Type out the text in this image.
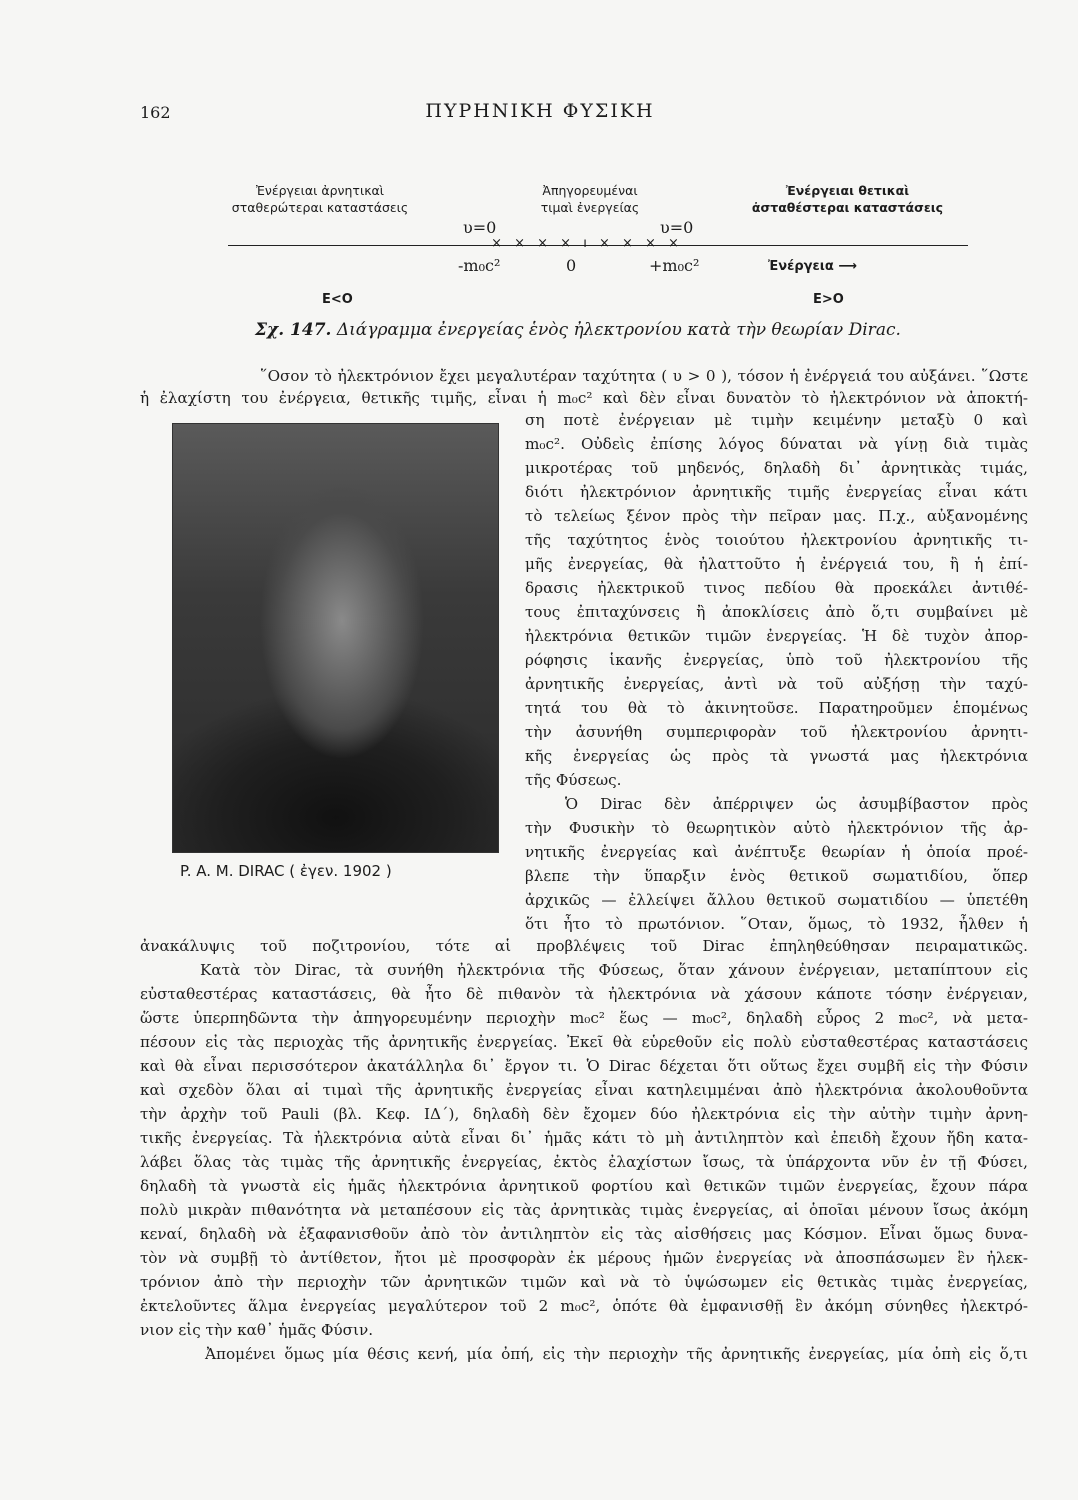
162	ΠΥΡΗΝΙΚΗ ΦΥΣΙΚΗ
Ἐνέργειαι ἀρνητικαὶ
σταθερώτεραι καταστάσεις
Ἀπηγορευμέναι
τιμαὶ ἐνεργείας
Ἐνέργειαι θετικαὶ
ἀσταθέστεραι καταστάσεις
υ=0	υ=0
× × × × ı × × × ×
-m₀c²	0	+m₀c²	Ἐνέργεια ⟶
E<O	E>O
Σχ. 147. Διάγραμμα ἐνεργείας ἑνὸς ἠλεκτρονίου κατὰ τὴν θεωρίαν Dirac.
P. A. M. DIRAC ( ἐγεν. 1902 )
῞Οσον τὸ ἠλεκτρόνιον ἔχει μεγαλυτέραν ταχύτητα ( υ > 0 ), τόσον ἡ ἐνέργειά του αὐξάνει. ῞Ωστε
ἡ ἐλαχίστη του ἐνέργεια, θετικῆς τιμῆς, εἶναι ἡ m₀c² καὶ δὲν εἶναι δυνατὸν τὸ ἠλεκτρόνιον νὰ ἀποκτή-
ση ποτὲ ἐνέργειαν μὲ τιμὴν κειμένην μεταξὺ 0 καὶ
m₀c². Οὐδεὶς ἐπίσης λόγος δύναται νὰ γίνῃ διὰ τιμὰς
μικροτέρας τοῦ μηδενός, δηλαδὴ δι᾽ ἀρνητικὰς τιμάς,
διότι ἠλεκτρόνιον ἀρνητικῆς τιμῆς ἐνεργείας εἶναι κάτι
τὸ τελείως ξένον πρὸς τὴν πεῖραν μας. Π.χ., αὐξανομένης
τῆς ταχύτητος ἑνὸς τοιούτου ἠλεκτρονίου ἀρνητικῆς τι-
μῆς ἐνεργείας, θὰ ἠλαττοῦτο ἡ ἐνέργειά του, ἢ ἡ ἐπί-
δρασις ἠλεκτρικοῦ τινος πεδίου θὰ προεκάλει ἀντιθέ-
τους ἐπιταχύνσεις ἢ ἀποκλίσεις ἀπὸ ὅ,τι συμβαίνει μὲ
ἠλεκτρόνια θετικῶν τιμῶν ἐνεργείας. Ἡ δὲ τυχὸν ἀπορ-
ρόφησις ἱκανῆς ἐνεργείας, ὑπὸ τοῦ ἠλεκτρονίου τῆς
ἀρνητικῆς ἐνεργείας, ἀντὶ νὰ τοῦ αὐξήσῃ τὴν ταχύ-
τητά του θὰ τὸ ἀκινητοῦσε. Παρατηροῦμεν ἑπομένως
τὴν ἀσυνήθη συμπεριφορὰν τοῦ ἠλεκτρονίου ἀρνητι-
κῆς ἐνεργείας ὡς πρὸς τὰ γνωστά μας ἠλεκτρόνια
τῆς Φύσεως.
Ὁ Dirac δὲν ἀπέρριψεν ὡς ἀσυμβίβαστον πρὸς
τὴν Φυσικὴν τὸ θεωρητικὸν αὐτὸ ἠλεκτρόνιον τῆς ἀρ-
νητικῆς ἐνεργείας καὶ ἀνέπτυξε θεωρίαν ἡ ὁποία προέ-
βλεπε τὴν ὕπαρξιν ἑνὸς θετικοῦ σωματιδίου, ὅπερ
ἀρχικῶς — ἐλλείψει ἄλλου θετικοῦ σωματιδίου — ὑπετέθη
ὅτι ἦτο τὸ πρωτόνιον. ῞Οταν, ὅμως, τὸ 1932, ἦλθεν ἡ
ἀνακάλυψις τοῦ ποζιτρονίου, τότε αἱ προβλέψεις τοῦ Dirac ἐπηληθεύθησαν πειραματικῶς.
Κατὰ τὸν Dirac, τὰ συνήθη ἠλεκτρόνια τῆς Φύσεως, ὅταν χάνουν ἐνέργειαν, μεταπίπτουν εἰς
εὐσταθεστέρας καταστάσεις, θὰ ἦτο δὲ πιθανὸν τὰ ἠλεκτρόνια νὰ χάσουν κάποτε τόσην ἐνέργειαν,
ὥστε ὑπερπηδῶντα τὴν ἀπηγορευμένην περιοχὴν m₀c² ἕως — m₀c², δηλαδὴ εὖρος 2 m₀c², νὰ μετα-
πέσουν εἰς τὰς περιοχὰς τῆς ἀρνητικῆς ἐνεργείας. Ἐκεῖ θὰ εὑρεθοῦν εἰς πολὺ εὐσταθεστέρας καταστάσεις
καὶ θὰ εἶναι περισσότερον ἀκατάλληλα δι᾽ ἔργον τι. Ὁ Dirac δέχεται ὅτι οὕτως ἔχει συμβῆ εἰς τὴν Φύσιν
καὶ σχεδὸν ὅλαι αἱ τιμαὶ τῆς ἀρνητικῆς ἐνεργείας εἶναι κατηλειμμέναι ἀπὸ ἠλεκτρόνια ἀκολουθοῦντα
τὴν ἀρχὴν τοῦ Pauli (βλ. Κεφ. ΙΔ΄), δηλαδὴ δὲν ἔχομεν δύο ἠλεκτρόνια εἰς τὴν αὐτὴν τιμὴν ἀρνη-
τικῆς ἐνεργείας. Τὰ ἠλεκτρόνια αὐτὰ εἶναι δι᾽ ἡμᾶς κάτι τὸ μὴ ἀντιληπτὸν καὶ ἐπειδὴ ἔχουν ἤδη κατα-
λάβει ὅλας τὰς τιμὰς τῆς ἀρνητικῆς ἐνεργείας, ἐκτὸς ἐλαχίστων ἴσως, τὰ ὑπάρχοντα νῦν ἐν τῇ Φύσει,
δηλαδὴ τὰ γνωστὰ εἰς ἡμᾶς ἠλεκτρόνια ἀρνητικοῦ φορτίου καὶ θετικῶν τιμῶν ἐνεργείας, ἔχουν πάρα
πολὺ μικρὰν πιθανότητα νὰ μεταπέσουν εἰς τὰς ἀρνητικὰς τιμὰς ἐνεργείας, αἱ ὁποῖαι μένουν ἴσως ἀκόμη
κεναί, δηλαδὴ νὰ ἐξαφανισθοῦν ἀπὸ τὸν ἀντιληπτὸν εἰς τὰς αἰσθήσεις μας Κόσμον. Εἶναι ὅμως δυνα-
τὸν νὰ συμβῇ τὸ ἀντίθετον, ἤτοι μὲ προσφορὰν ἐκ μέρους ἡμῶν ἐνεργείας νὰ ἀποσπάσωμεν ἓν ἠλεκ-
τρόνιον ἀπὸ τὴν περιοχὴν τῶν ἀρνητικῶν τιμῶν καὶ νὰ τὸ ὑψώσωμεν εἰς θετικὰς τιμὰς ἐνεργείας,
ἐκτελοῦντες ἅλμα ἐνεργείας μεγαλύτερον τοῦ 2 m₀c², ὁπότε θὰ ἐμφανισθῇ ἓν ἀκόμη σύνηθες ἠλεκτρό-
νιον εἰς τὴν καθ᾽ ἡμᾶς Φύσιν.
Ἀπομένει ὅμως μία θέσις κενή, μία ὀπή, εἰς τὴν περιοχὴν τῆς ἀρνητικῆς ἐνεργείας, μία ὀπὴ εἰς ὅ,τι
